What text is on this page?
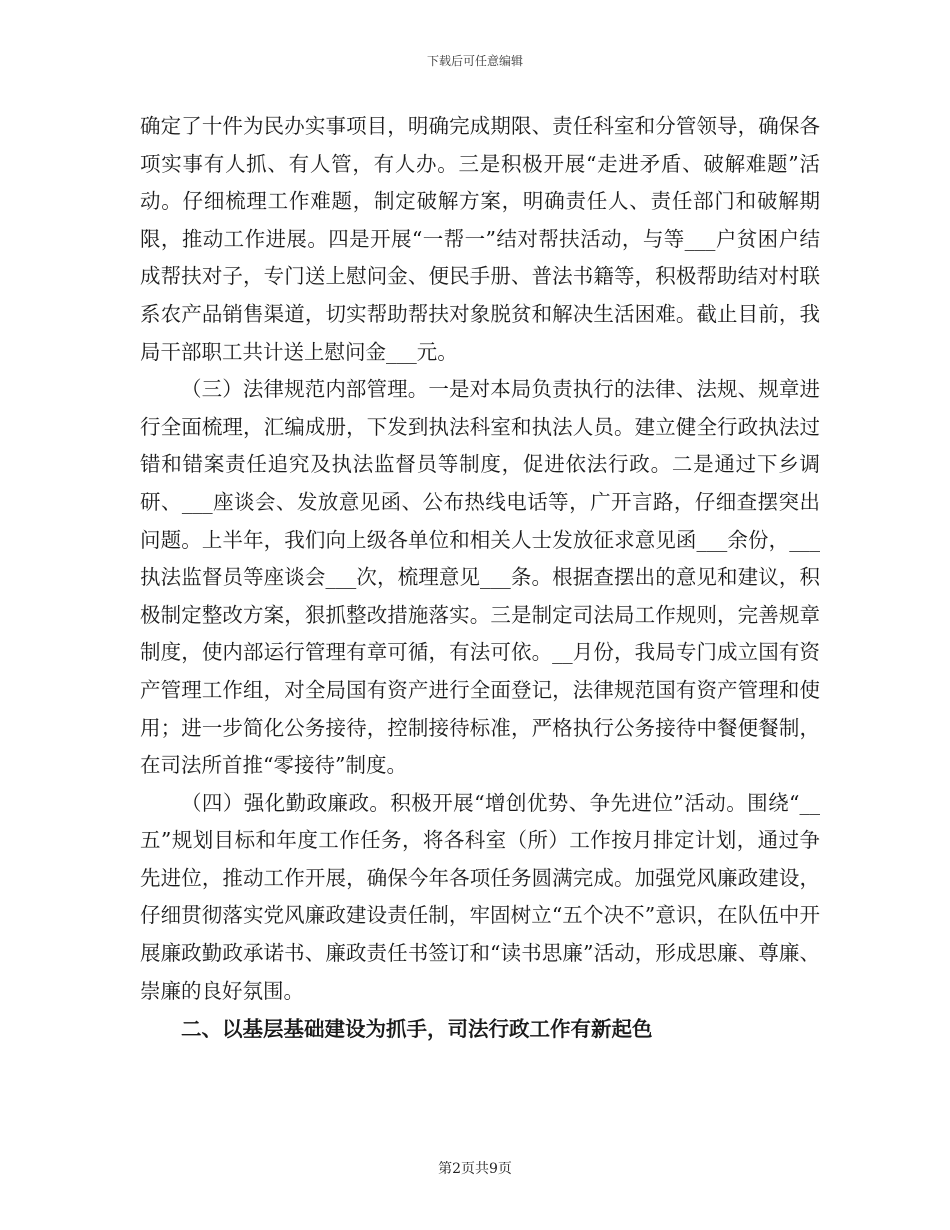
下载后可任意编辑

确定了十件为民办实事项目，明确完成期限、责任科室和分管领导，确保各项实事有人抓、有人管，有人办。三是积极开展“走进矛盾、破解难题”活动。仔细梳理工作难题，制定破解方案，明确责任人、责任部门和破解期限，推动工作进展。四是开展“一帮一”结对帮扶活动，与等___户贫困户结成帮扶对子，专门送上慰问金、便民手册、普法书籍等，积极帮助结对村联系农产品销售渠道，切实帮助帮扶对象脱贫和解决生活困难。截止目前，我局干部职工共计送上慰问金___元。

（三）法律规范内部管理。一是对本局负责执行的法律、法规、规章进行全面梳理，汇编成册，下发到执法科室和执法人员。建立健全行政执法过错和错案责任追究及执法监督员等制度，促进依法行政。二是通过下乡调研、___座谈会、发放意见函、公布热线电话等，广开言路，仔细查摆突出问题。上半年，我们向上级各单位和相关人士发放征求意见函___余份，___执法监督员等座谈会___次，梳理意见___条。根据查摆出的意见和建议，积极制定整改方案，狠抓整改措施落实。三是制定司法局工作规则，完善规章制度，使内部运行管理有章可循，有法可依。__月份，我局专门成立国有资产管理工作组，对全局国有资产进行全面登记，法律规范国有资产管理和使用；进一步简化公务接待，控制接待标准，严格执行公务接待中餐便餐制，在司法所首推“零接待”制度。

（四）强化勤政廉政。积极开展“增创优势、争先进位”活动。围绕“__五”规划目标和年度工作任务，将各科室（所）工作按月排定计划，通过争先进位，推动工作开展，确保今年各项任务圆满完成。加强党风廉政建设，仔细贯彻落实党风廉政建设责任制，牢固树立“五个决不”意识，在队伍中开展廉政勤政承诺书、廉政责任书签订和“读书思廉”活动，形成思廉、尊廉、崇廉的良好氛围。

二、以基层基础建设为抓手，司法行政工作有新起色

第2页共9页
